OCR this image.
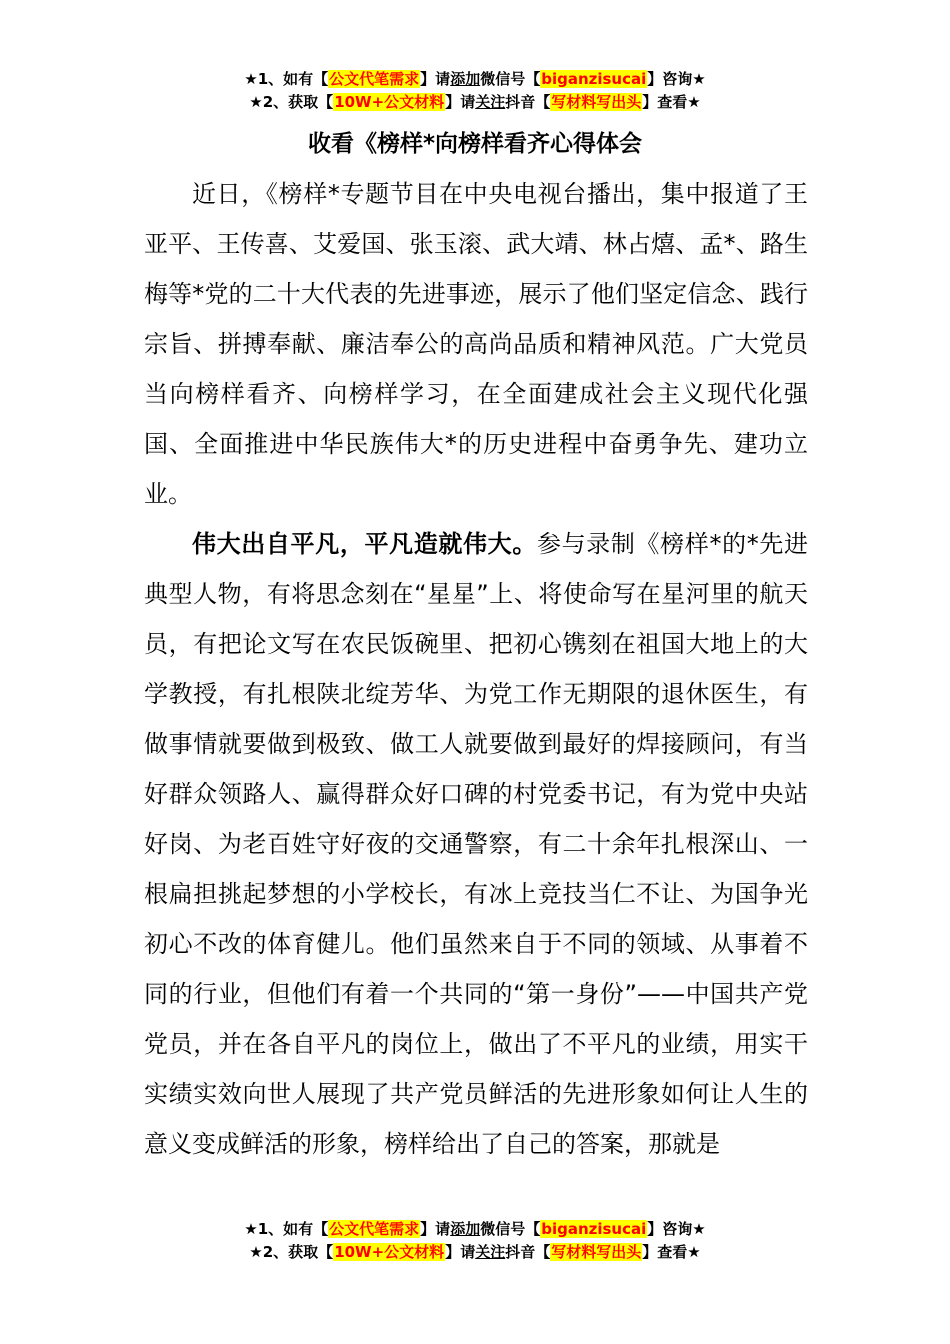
★1、如有【公文代笔需求】请添加微信号【biganzisucai】咨询★
★2、获取【10W+公文材料】请关注抖音【写材料写出头】查看★
收看《榜样*向榜样看齐心得体会

近日，《榜样*专题节目在中央电视台播出，集中报道了王亚平、王传喜、艾爱国、张玉滚、武大靖、林占熺、孟*、路生梅等*党的二十大代表的先进事迹，展示了他们坚定信念、践行宗旨、拼搏奉献、廉洁奉公的高尚品质和精神风范。广大党员当向榜样看齐、向榜样学习，在全面建成社会主义现代化强国、全面推进中华民族伟大*的历史进程中奋勇争先、建功立业。

伟大出自平凡，平凡造就伟大。参与录制《榜样*的*先进典型人物，有将思念刻在“星星”上、将使命写在星河里的航天员，有把论文写在农民饭碗里、把初心镌刻在祖国大地上的大学教授，有扎根陕北绽芳华、为党工作无期限的退休医生，有做事情就要做到极致、做工人就要做到最好的焊接顾问，有当好群众领路人、赢得群众好口碑的村党委书记，有为党中央站好岗、为老百姓守好夜的交通警察，有二十余年扎根深山、一根扁担挑起梦想的小学校长，有冰上竞技当仁不让、为国争光初心不改的体育健儿。他们虽然来自于不同的领域、从事着不同的行业，但他们有着一个共同的“第一身份”——中国共产党党员，并在各自平凡的岗位上，做出了不平凡的业绩，用实干实绩实效向世人展现了共产党员鲜活的先进形象如何让人生的意义变成鲜活的形象，榜样给出了自己的答案，那就是

★1、如有【公文代笔需求】请添加微信号【biganzisucai】咨询★
★2、获取【10W+公文材料】请关注抖音【写材料写出头】查看★
